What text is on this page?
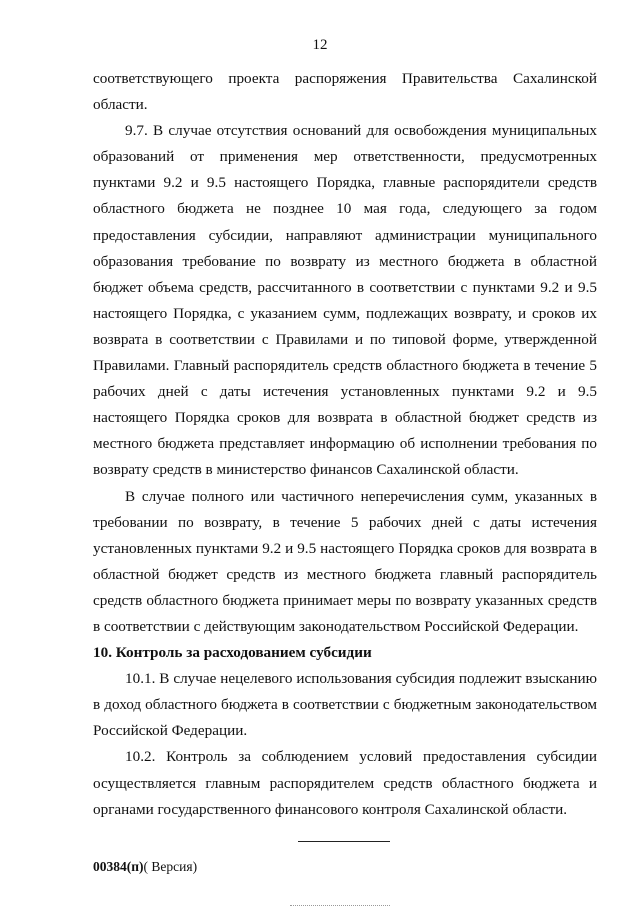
12

соответствующего проекта распоряжения Правительства Сахалинской области.

9.7. В случае отсутствия оснований для освобождения муниципальных образований от применения мер ответственности, предусмотренных пунктами 9.2 и 9.5 настоящего Порядка, главные распорядители средств областного бюджета не позднее 10 мая года, следующего за годом предоставления субсидии, направляют администрации муниципального образования требование по возврату из местного бюджета в областной бюджет объема средств, рассчитанного в соответствии с пунктами 9.2 и 9.5 настоящего Порядка, с указанием сумм, подлежащих возврату, и сроков их возврата в соответствии с Правилами и по типовой форме, утвержденной Правилами. Главный распорядитель средств областного бюджета в течение 5 рабочих дней с даты истечения установленных пунктами 9.2 и 9.5 настоящего Порядка сроков для возврата в областной бюджет средств из местного бюджета представляет информацию об исполнении требования по возврату средств в министерство финансов Сахалинской области.

В случае полного или частичного неперечисления сумм, указанных в требовании по возврату, в течение 5 рабочих дней с даты истечения установленных пунктами 9.2 и 9.5 настоящего Порядка сроков для возврата в областной бюджет средств из местного бюджета главный распорядитель средств областного бюджета принимает меры по возврату указанных средств в соответствии с действующим законодательством Российской Федерации.

10. Контроль за расходованием субсидии

10.1. В случае нецелевого использования субсидия подлежит взысканию в доход областного бюджета в соответствии с бюджетным законодательством Российской Федерации.

10.2. Контроль за соблюдением условий предоставления субсидии осуществляется главным распорядителем средств областного бюджета и органами государственного финансового контроля Сахалинской области.

00384(п)( Версия)
